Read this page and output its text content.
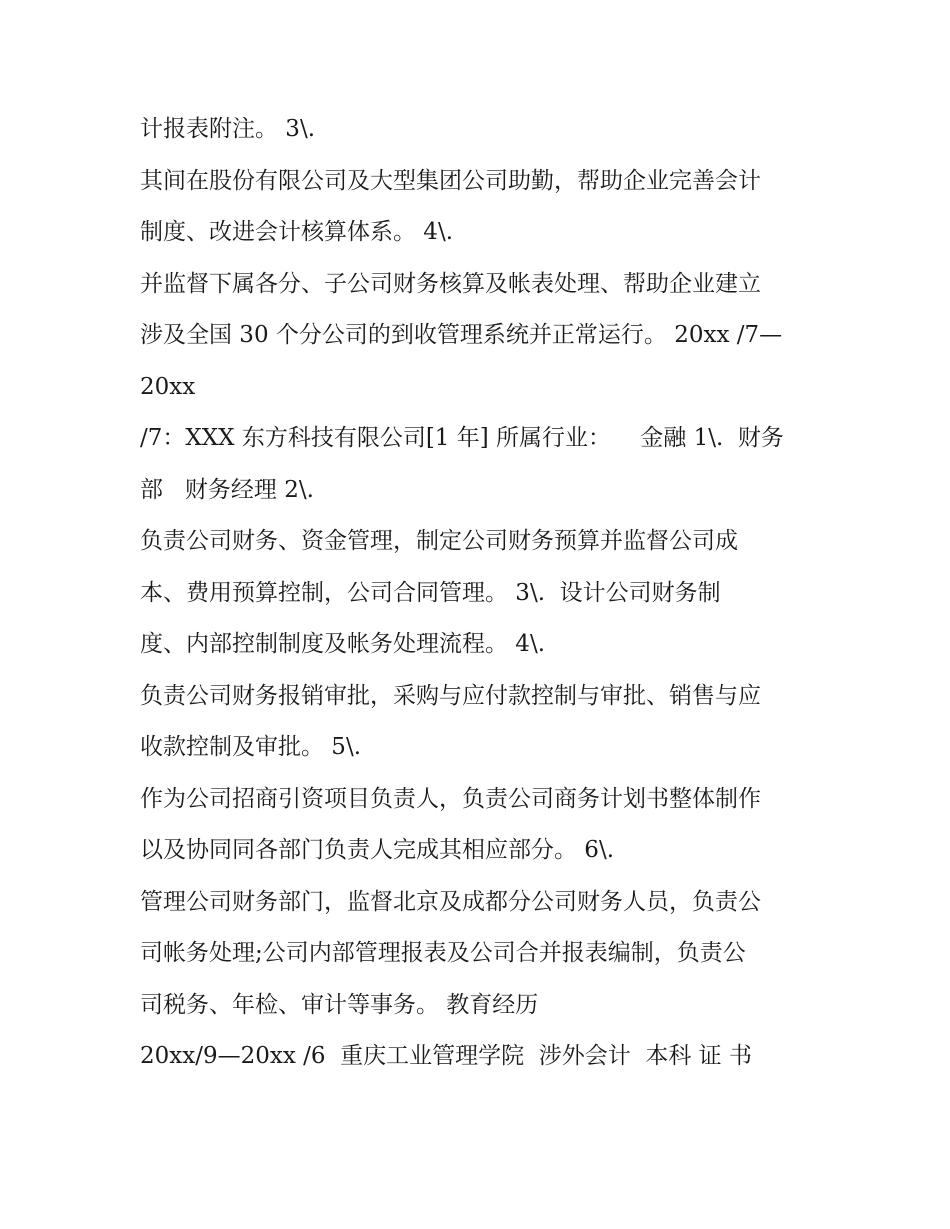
计报表附注。 3\.
其间在股份有限公司及大型集团公司助勤，帮助企业完善会计
制度、改进会计核算体系。 4\.
并监督下属各分、子公司财务核算及帐表处理、帮助企业建立
涉及全国 30 个分公司的到收管理系统并正常运行。 20xx /7—
20xx
/7：XXX 东方科技有限公司[1 年] 所属行业：    金融 1\.  财务
部   财务经理 2\.
负责公司财务、资金管理，制定公司财务预算并监督公司成
本、费用预算控制，公司合同管理。 3\.  设计公司财务制
度、内部控制制度及帐务处理流程。 4\.
负责公司财务报销审批，采购与应付款控制与审批、销售与应
收款控制及审批。 5\.
作为公司招商引资项目负责人，负责公司商务计划书整体制作
以及协同同各部门负责人完成其相应部分。 6\.
管理公司财务部门，监督北京及成都分公司财务人员，负责公
司帐务处理;公司内部管理报表及公司合并报表编制，负责公
司税务、年检、审计等事务。 教育经历
20xx/9—20xx /6  重庆工业管理学院  涉外会计  本科 证 书
